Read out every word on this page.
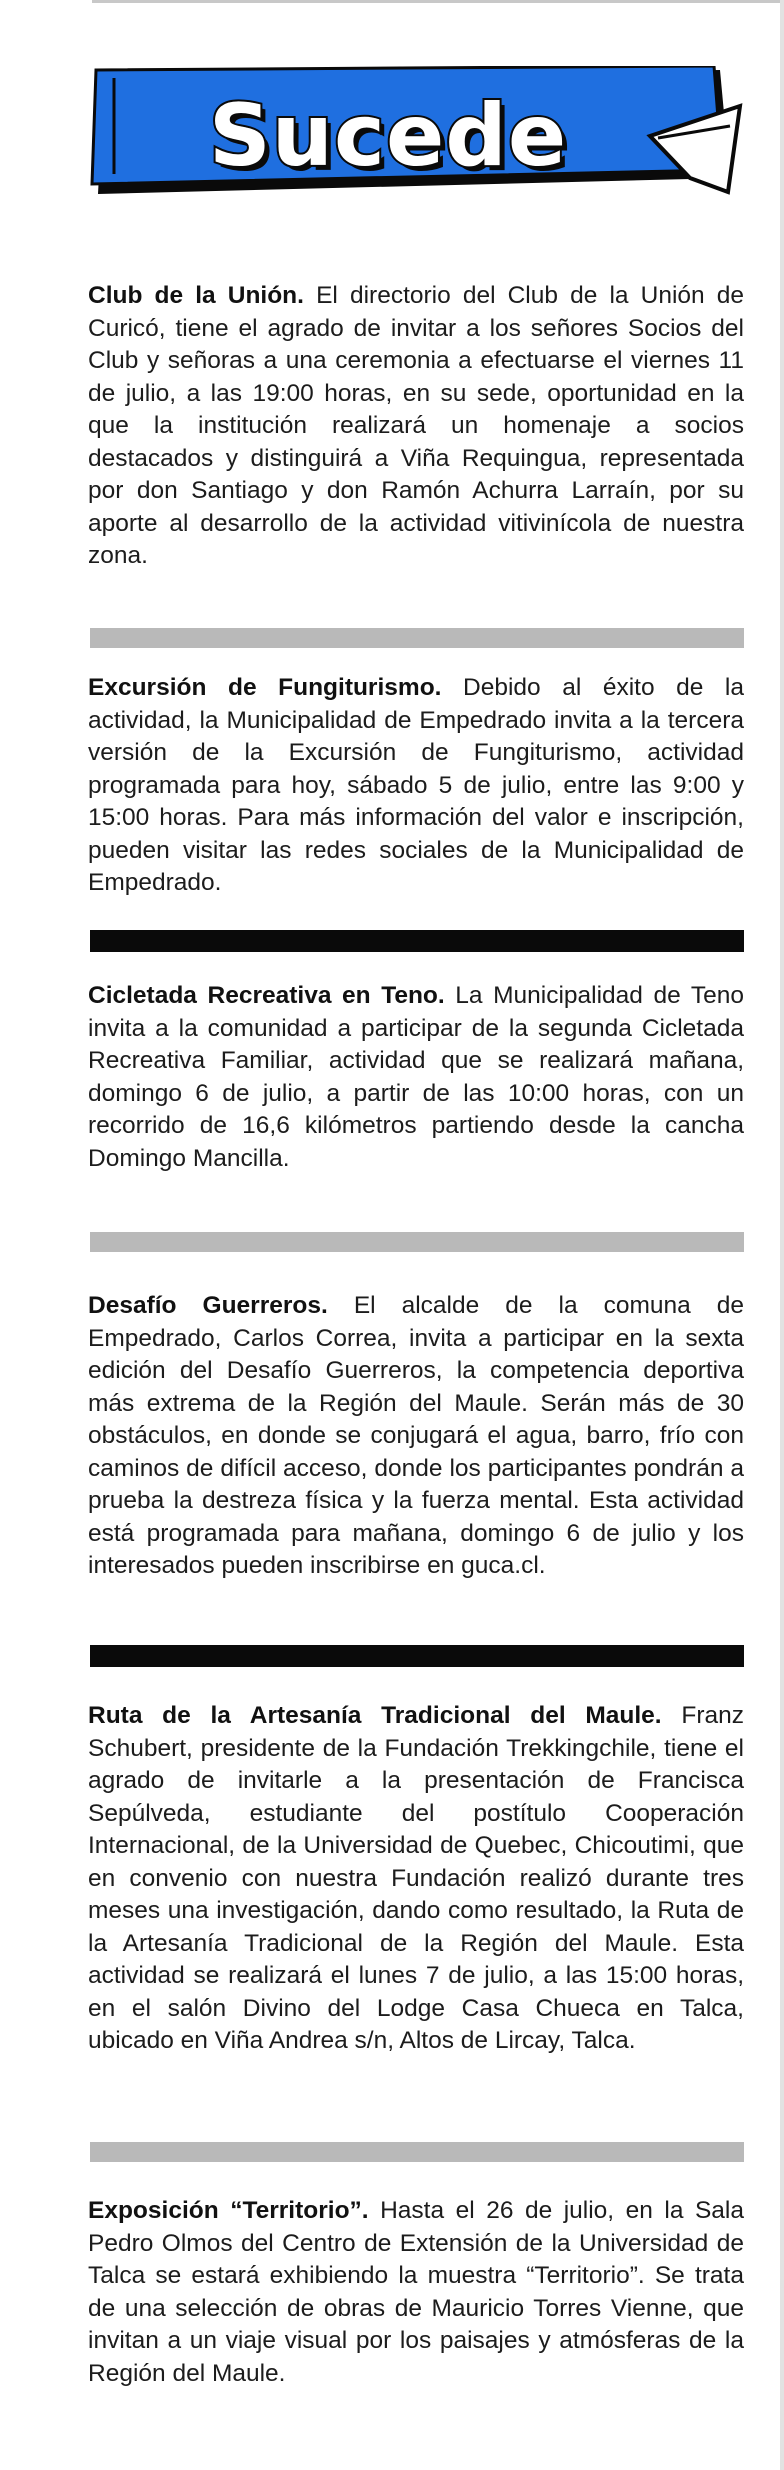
Sucede

Club de la Unión. El directorio del Club de la Unión de Curicó, tiene el agrado de invitar a los señores Socios del Club y señoras a una ceremonia a efectuarse el viernes 11 de julio, a las 19:00 horas, en su sede, oportunidad en la que la institución realizará un homenaje a socios destacados y distinguirá a Viña Requingua, representada por don Santiago y don Ramón Achurra Larraín, por su aporte al desarrollo de la actividad vitivinícola de nuestra zona.

Excursión de Fungiturismo. Debido al éxito de la actividad, la Municipalidad de Empedrado invita a la tercera versión de la Excursión de Fungiturismo, actividad programada para hoy, sábado 5 de julio, entre las 9:00 y 15:00 horas. Para más información del valor e inscripción, pueden visitar las redes sociales de la Municipalidad de Empedrado.

Cicletada Recreativa en Teno. La Municipalidad de Teno invita a la comunidad a participar de la segunda Cicletada Recreativa Familiar, actividad que se realizará mañana, domingo 6 de julio, a partir de las 10:00 horas, con un recorrido de 16,6 kilómetros partiendo desde la cancha Domingo Mancilla.

Desafío Guerreros. El alcalde de la comuna de Empedrado, Carlos Correa, invita a participar en la sexta edición del Desafío Guerreros, la competencia deportiva más extrema de la Región del Maule. Serán más de 30 obstáculos, en donde se conjugará el agua, barro, frío con caminos de difícil acceso, donde los participantes pondrán a prueba la destreza física y la fuerza mental. Esta actividad está programada para mañana, domingo 6 de julio y los interesados pueden inscribirse en guca.cl.

Ruta de la Artesanía Tradicional del Maule. Franz Schubert, presidente de la Fundación Trekkingchile, tiene el agrado de invitarle a la presentación de Francisca Sepúlveda, estudiante del postítulo Cooperación Internacional, de la Universidad de Quebec, Chicoutimi, que en convenio con nuestra Fundación realizó durante tres meses una investigación, dando como resultado, la Ruta de la Artesanía Tradicional de la Región del Maule. Esta actividad se realizará el lunes 7 de julio, a las 15:00 horas, en el salón Divino del Lodge Casa Chueca en Talca, ubicado en Viña Andrea s/n, Altos de Lircay, Talca.

Exposición “Territorio”. Hasta el 26 de julio, en la Sala Pedro Olmos del Centro de Extensión de la Universidad de Talca se estará exhibiendo la muestra “Territorio”. Se trata de una selección de obras de Mauricio Torres Vienne, que invitan a un viaje visual por los paisajes y atmósferas de la Región del Maule.
